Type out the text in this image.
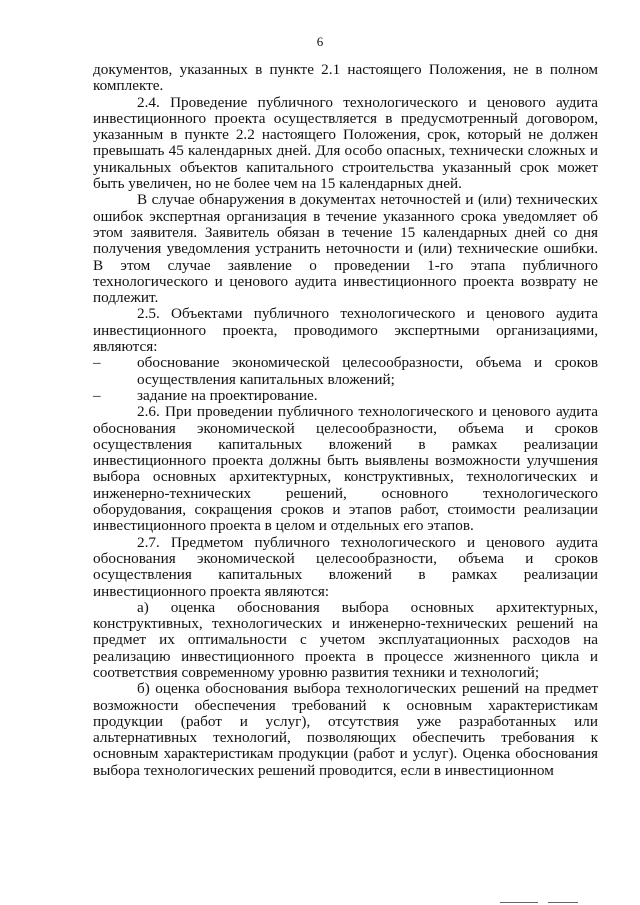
6

документов, указанных в пункте 2.1 настоящего Положения, не в полном комплекте.

2.4. Проведение публичного технологического и ценового аудита инвестиционного проекта осуществляется в предусмотренный договором, указанным в пункте 2.2 настоящего Положения, срок, который не должен превышать 45 календарных дней. Для особо опасных, технически сложных и уникальных объектов капитального строительства указанный срок может быть увеличен, но не более чем на 15 календарных дней.

В случае обнаружения в документах неточностей и (или) технических ошибок экспертная организация в течение указанного срока уведомляет об этом заявителя. Заявитель обязан в течение 15 календарных дней со дня получения уведомления устранить неточности и (или) технические ошибки. В этом случае заявление о проведении 1-го этапа публичного технологического и ценового аудита инвестиционного проекта возврату не подлежит.

2.5. Объектами публичного технологического и ценового аудита инвестиционного проекта, проводимого экспертными организациями, являются:

– обоснование экономической целесообразности, объема и сроков осуществления капитальных вложений;

– задание на проектирование.

2.6. При проведении публичного технологического и ценового аудита обоснования экономической целесообразности, объема и сроков осуществления капитальных вложений в рамках реализации инвестиционного проекта должны быть выявлены возможности улучшения выбора основных архитектурных, конструктивных, технологических и инженерно-технических решений, основного технологического оборудования, сокращения сроков и этапов работ, стоимости реализации инвестиционного проекта в целом и отдельных его этапов.

2.7. Предметом публичного технологического и ценового аудита обоснования экономической целесообразности, объема и сроков осуществления капитальных вложений в рамках реализации инвестиционного проекта являются:

а) оценка обоснования выбора основных архитектурных, конструктивных, технологических и инженерно-технических решений на предмет их оптимальности с учетом эксплуатационных расходов на реализацию инвестиционного проекта в процессе жизненного цикла и соответствия современному уровню развития техники и технологий;

б) оценка обоснования выбора технологических решений на предмет возможности обеспечения требований к основным характеристикам продукции (работ и услуг), отсутствия уже разработанных или альтернативных технологий, позволяющих обеспечить требования к основным характеристикам продукции (работ и услуг). Оценка обоснования выбора технологических решений проводится, если в инвестиционном
